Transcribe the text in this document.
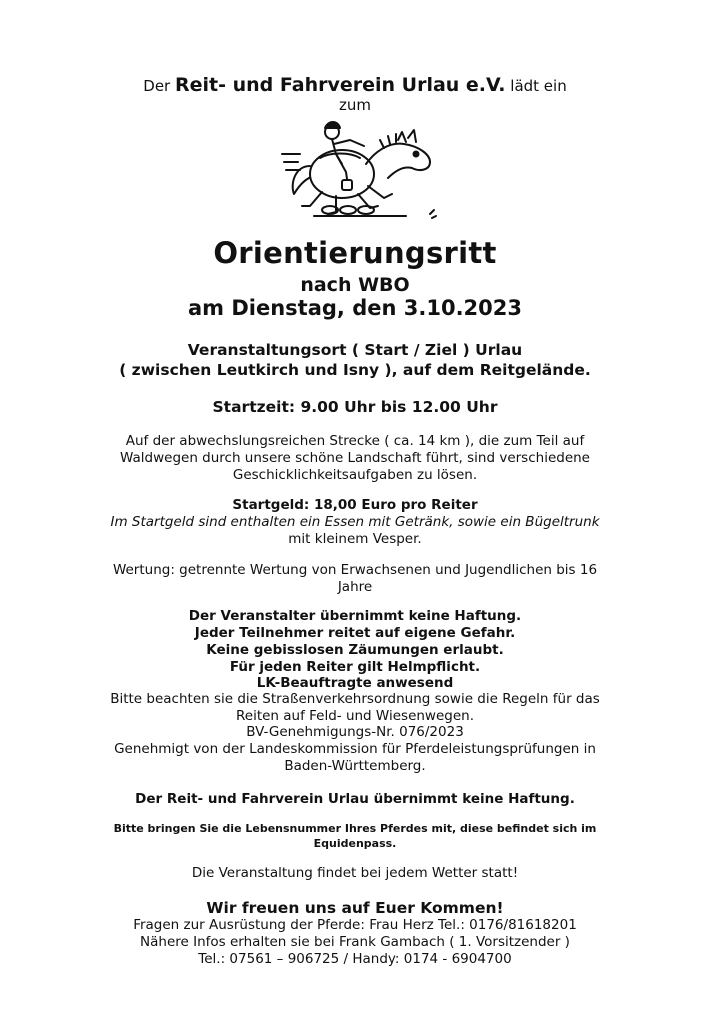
Der Reit- und Fahrverein Urlau e.V. lädt ein
zum
Orientierungsritt
nach WBO
am Dienstag, den 3.10.2023
Veranstaltungsort ( Start / Ziel ) Urlau
( zwischen Leutkirch und Isny ), auf dem Reitgelände.
Startzeit: 9.00 Uhr bis 12.00 Uhr
Auf der abwechslungsreichen Strecke ( ca. 14 km ), die zum Teil auf
Waldwegen durch unsere schöne Landschaft führt, sind verschiedene
Geschicklichkeitsaufgaben zu lösen.
Startgeld: 18,00 Euro pro Reiter
Im Startgeld sind enthalten ein Essen mit Getränk, sowie ein Bügeltrunk
mit kleinem Vesper.
Wertung: getrennte Wertung von Erwachsenen und Jugendlichen bis 16
Jahre
Der Veranstalter übernimmt keine Haftung.
Jeder Teilnehmer reitet auf eigene Gefahr.
Keine gebisslosen Zäumungen erlaubt.
Für jeden Reiter gilt Helmpflicht.
LK-Beauftragte anwesend
Bitte beachten sie die Straßenverkehrsordnung sowie die Regeln für das
Reiten auf Feld- und Wiesenwegen.
BV-Genehmigungs-Nr. 076/2023
Genehmigt von der Landeskommission für Pferdeleistungsprüfungen in
Baden-Württemberg.
Der Reit- und Fahrverein Urlau übernimmt keine Haftung.
Bitte bringen Sie die Lebensnummer Ihres Pferdes mit, diese befindet sich im
Equidenpass.
Die Veranstaltung findet bei jedem Wetter statt!
Wir freuen uns auf Euer Kommen!
Fragen zur Ausrüstung der Pferde: Frau Herz Tel.: 0176/81618201
Nähere Infos erhalten sie bei Frank Gambach ( 1. Vorsitzender )
Tel.: 07561 – 906725 / Handy: 0174 - 6904700
